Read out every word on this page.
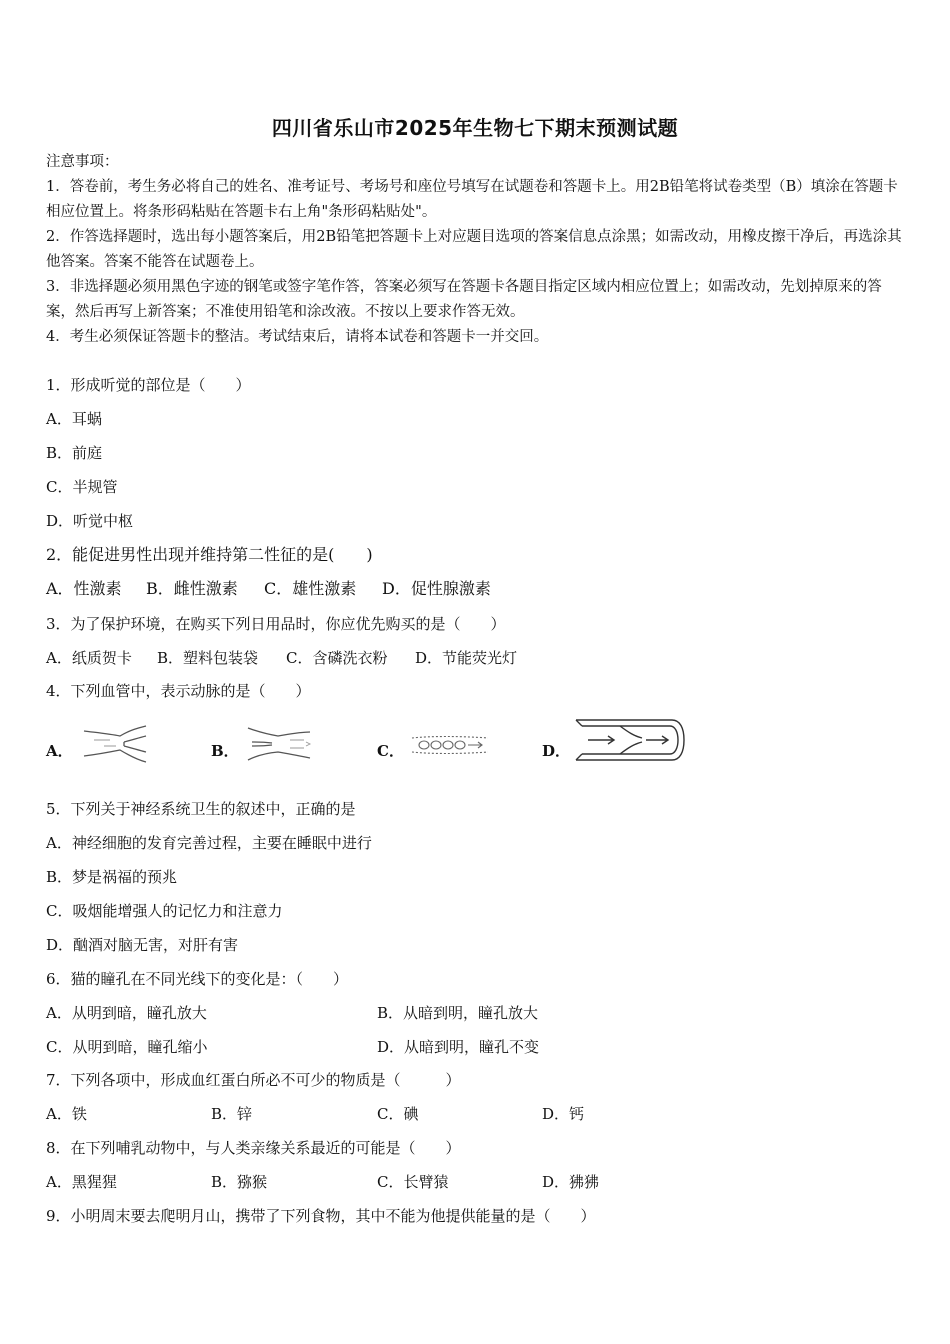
四川省乐山市2025年生物七下期末预测试题
注意事项：
1．答卷前，考生务必将自己的姓名、准考证号、考场号和座位号填写在试题卷和答题卡上。用2B铅笔将试卷类型（B）填涂在答题卡相应位置上。将条形码粘贴在答题卡右上角"条形码粘贴处"。
2．作答选择题时，选出每小题答案后，用2B铅笔把答题卡上对应题目选项的答案信息点涂黑；如需改动，用橡皮擦干净后，再选涂其他答案。答案不能答在试题卷上。
3．非选择题必须用黑色字迹的钢笔或签字笔作答，答案必须写在答题卡各题目指定区域内相应位置上；如需改动，先划掉原来的答案，然后再写上新答案；不准使用铅笔和涂改液。不按以上要求作答无效。
4．考生必须保证答题卡的整洁。考试结束后，请将本试卷和答题卡一并交回。
1．形成听觉的部位是（　　）
A．耳蜗
B．前庭
C．半规管
D．听觉中枢
2．能促进男性出现并维持第二性征的是(　　)
A．性激素 B．雌性激素 C．雄性激素 D．促性腺激素
3．为了保护环境，在购买下列日用品时，你应优先购买的是（　　）
A．纸质贺卡 B．塑料包装袋 C．含磷洗衣粉 D．节能荧光灯
4．下列血管中，表示动脉的是（　　）
A．	B．	C．	D．
5．下列关于神经系统卫生的叙述中，正确的是
A．神经细胞的发育完善过程，主要在睡眠中进行
B．梦是祸福的预兆
C．吸烟能增强人的记忆力和注意力
D．酗酒对脑无害，对肝有害
6．猫的瞳孔在不同光线下的变化是：（　　）
A．从明到暗，瞳孔放大	B．从暗到明，瞳孔放大
C．从明到暗，瞳孔缩小	D．从暗到明，瞳孔不变
7．下列各项中，形成血红蛋白所必不可少的物质是（　　　）
A．铁	B．锌	C．碘	D．钙
8．在下列哺乳动物中，与人类亲缘关系最近的可能是（　　）
A．黑猩猩	B．猕猴	C．长臂猿	D．狒狒
9．小明周末要去爬明月山，携带了下列食物，其中不能为他提供能量的是（　　）
